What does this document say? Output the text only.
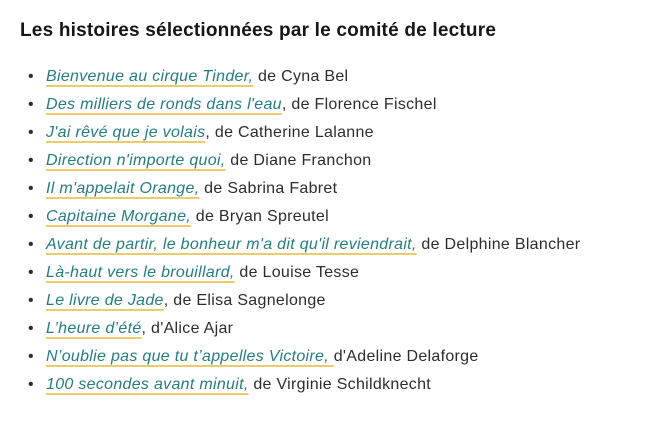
Les histoires sélectionnées par le comité de lecture
• Bienvenue au cirque Tinder, de Cyna Bel
• Des milliers de ronds dans l'eau, de Florence Fischel
• J'ai rêvé que je volais, de Catherine Lalanne
• Direction n'importe quoi, de Diane Franchon
• Il m'appelait Orange, de Sabrina Fabret
• Capitaine Morgane, de Bryan Spreutel
• Avant de partir, le bonheur m'a dit qu'il reviendrait, de Delphine Blancher
• Là-haut vers le brouillard, de Louise Tesse
• Le livre de Jade, de Elisa Sagnelonge
• L’heure d’été, d'Alice Ajar
• N’oublie pas que tu t’appelles Victoire, d'Adeline Delaforge
• 100 secondes avant minuit, de Virginie Schildknecht
